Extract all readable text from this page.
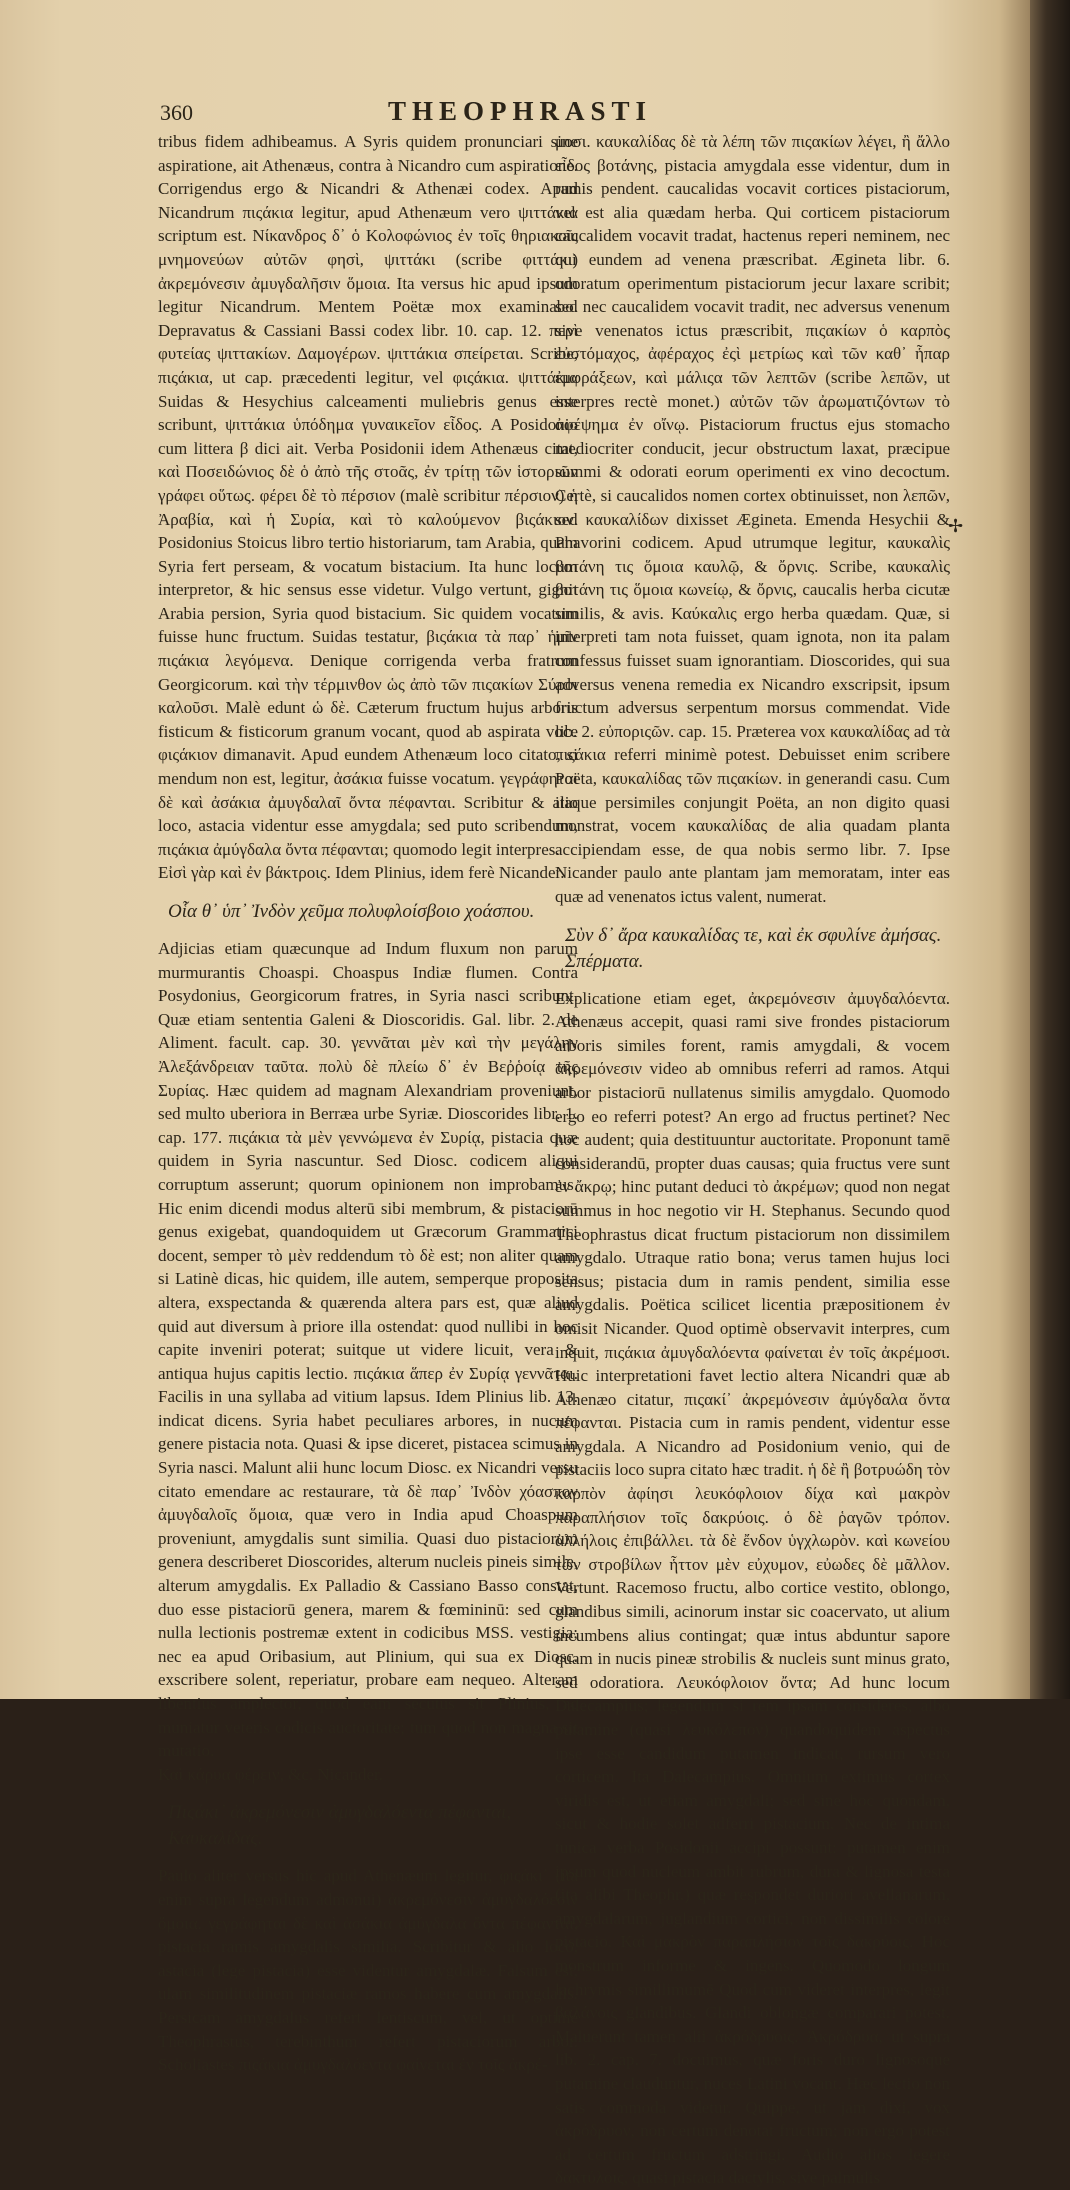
360	THEOPHRASTI

tribus fidem adhibeamus. A Syris quidem pronunciari sine aspiratione, ait Athenæus, contra à Nicandro cum aspiratione. Corrigendus ergo & Nicandri & Athenæi codex. Apud Nicandrum πιςάκια legitur, apud Athenæum vero ψιττάκια scriptum est. Νίκανδρος δ᾽ ὁ Κολοφώνιος ἐν τοῖς θηριακοῖς μνημονεύων αὐτῶν φησὶ, ψιττάκι (scribe φιττάκι) ἀκρεμόνεσιν ἀμυγδαλῆσιν ὅμοια. Ita versus hic apud ipsum legitur Nicandrum. Mentem Poëtæ mox examinabo. Depravatus & Cassiani Bassi codex libr. 10. cap. 12. περὶ φυτείας ψιττακίων. Δαμογέρων. ψιττάκια σπείρεται. Scribe, πιςάκια, ut cap. præcedenti legitur, vel φιςάκια. ψιττάκια Suidas & Hesychius calceamenti muliebris genus esse scribunt, ψιττάκια ὑπόδημα γυναικεῖον εἶδος. A Posidonio cum littera β dici ait. Verba Posidonii idem Athenæus citat, καὶ Ποσειδώνιος δὲ ὁ ἀπὸ τῆς στοᾶς, ἐν τρίτῃ τῶν ἱστοριῶν γράφει οὕτως. φέρει δὲ τὸ πέρσιον (malè scribitur πέρσιον) ἡ Ἀραβία, καὶ ἡ Συρία, καὶ τὸ καλούμενον βιςάκιον. Posidonius Stoicus libro tertio historiarum, tam Arabia, quam Syria fert perseam, & vocatum bistacium. Ita hunc locum interpretor, & hic sensus esse videtur. Vulgo vertunt, gignit Arabia persion, Syria quod bistacium. Sic quidem vocatum fuisse hunc fructum. Suidas testatur, βιςάκια τὰ παρ᾽ ἡμῖν πιςάκια λεγόμενα. Denique corrigenda verba fratrum Georgicorum. καὶ τὴν τέρμινθον ὡς ἀπὸ τῶν πιςακίων Σύροι καλοῦσι. Malè edunt ὡ δὲ. Cæterum fructum hujus arboris fisticum & fisticorum granum vocant, quod ab aspirata voce φιςάκιον dimanavit. Apud eundem Athenæum loco citato, si mendum non est, legitur, ἀσάκια fuisse vocatum. γεγράφηται δὲ καὶ ἀσάκια ἀμυγδαλαῖ ὄντα πέφανται. Scribitur & alio loco, astacia videntur esse amygdala; sed puto scribendum, πιςάκια ἀμύγδαλα ὄντα πέφανται; quomodo legit interpres.

Εἰσὶ γὰρ καὶ ἐν βάκτροις. Idem Plinius, idem ferè Nicander.

Οἷα θ᾽ ὑπ᾽ Ἰνδὸν χεῦμα πολυφλοίσβοιο χοάσπου.

Adjicias etiam quæcunque ad Indum fluxum non parum murmurantis Choaspi. Choaspus Indiæ flumen. Contra Posydonius, Georgicorum fratres, in Syria nasci scribunt. Quæ etiam sententia Galeni & Dioscoridis. Gal. libr. 2. de Aliment. facult. cap. 30. γεννᾶται μὲν καὶ τὴν μεγάλην Ἀλεξάνδρειαν ταῦτα. πολὺ δὲ πλείω δ᾽ ἐν Βεῤῥοίᾳ τῆς Συρίας. Hæc quidem ad magnam Alexandriam proveniunt, sed multo uberiora in Berræa urbe Syriæ. Dioscorides libr. 1. cap. 177. πιςάκια τὰ μὲν γεννώμενα ἐν Συρίᾳ, pistacia quæ quidem in Syria nascuntur. Sed Diosc. codicem aliqui corruptum asserunt; quorum opinionem non improbamus. Hic enim dicendi modus alterū sibi membrum, & pistaciorū genus exigebat, quandoquidem ut Græcorum Grammatici docent, semper τὸ μὲν reddendum τὸ δὲ est; non aliter quam si Latinè dicas, hic quidem, ille autem, semperque proposita altera, exspectanda & quærenda altera pars est, quæ aliud quid aut diversum à priore illa ostendat: quod nullibi in hoc capite inveniri poterat; suitque ut videre licuit, vera & antiqua hujus capitis lectio. πιςάκια ἅπερ ἐν Συρίᾳ γεννᾶται. Facilis in una syllaba ad vitium lapsus. Idem Plinius lib. 13. indicat dicens. Syria habet peculiares arbores, in nucum genere pistacia nota. Quasi & ipse diceret, pistacea scimus in Syria nasci. Malunt alii hunc locum Diosc. ex Nicandri versu citato emendare ac restaurare, τὰ δὲ παρ᾽ Ἰνδὸν χόασπον ἀμυγδαλοῖς ὅμοια, quæ vero in India apud Choaspum proveniunt, amygdalis sunt similia. Quasi duo pistaciorum genera describeret Dioscorides, alterum nucleis pineis simile, alterum amygdalis. Ex Palladio & Cassiano Basso constat, duo esse pistaciorū genera, marem & fœmininū: sed cum nulla lectionis postremæ extent in codicibus MSS. vestigia; nec ea apud Oribasium, aut Plinium, qui sua ex Diosc. exscribere solent, reperiatur, probare eam nequeo. Alteram libentius amplector, quod eam secutus sit Plinius, ac muniatur veteris codicis auctoritate; tum quod non magna sit mutatio.

Καὶ κάρυα φέρειν, &c. Nicander.

Πιςάκι᾽ ἀκρεμόνεσιν ἀμυγδαλόεντα πέφανται, Καυκαλίδας.

Paulo aliter versus hic apud Athenæum legitur, φιςάκι᾽ (ita enim supra legendum admonui) ἀκρεμόνεσιν ἀμυγδαλόεσιν ὅμοια. γεγράφηται δὲ καὶ ἀσάκια ἀμύγδαλα ὄντα πέφανται, pistacia ramis amygdalis similia. Scribitur & alio loco, astacia (lege pistacia) esse videntur amygdalæ. Falsum est, ulam similitudinem pistaciæ ramos habere cum amygdalis. Persicam amygdalus refert lentiscum, vel, ut optime Theophrastus, terebinthum refert pistaciorum arbor. Scholiastes πιςάκια ἀμυγδαλόεντα φαίνεται ἐν τοῖς ἀκρέ-

μοσι. καυκαλίδας δὲ τὰ λέπη τῶν πιςακίων λέγει, ἢ ἄλλο εἶδος βοτάνης, pistacia amygdala esse videntur, dum in ramis pendent. caucalidas vocavit cortices pistaciorum, vel est alia quædam herba. Qui corticem pistaciorum caucalidem vocavit tradat, hactenus reperi neminem, nec qui eundem ad venena præscribat. Ægineta libr. 6. odoratum operimentum pistaciorum jecur laxare scribit; sed nec caucalidem vocavit tradit, nec adversus venenum sive venenatos ictus præscribit, πιςακίων ὁ καρπὸς εὐστόμαχος, ἀφέραχος ἐςὶ μετρίως καὶ τῶν καθ᾽ ἧπαρ ἐμφράξεων, καὶ μάλιςα τῶν λεπτῶν (scribe λεπῶν, ut interpres rectè monet.) αὐτῶν τῶν ἀρωματιζόντων τὸ ἀφέψημα ἐν οἴνῳ. Pistaciorum fructus ejus stomacho mediocriter conducit, jecur obstructum laxat, præcipue summi & odorati eorum operimenti ex vino decoctum. Certè, si caucalidos nomen cortex obtinuisset, non λεπῶν, sed καυκαλίδων dixisset Ægineta. Emenda Hesychii & Phavorini codicem. Apud utrumque legitur, καυκαλὶς βοτάνη τις ὅμοια καυλῷ, & ὄρνις. Scribe, καυκαλὶς βοτάνη τις ὅμοια κωνείῳ, & ὄρνις, caucalis herba cicutæ similis, & avis. Καύκαλις ergo herba quædam. Quæ, si interpreti tam nota fuisset, quam ignota, non ita palam confessus fuisset suam ignorantiam. Dioscorides, qui sua adversus venena remedia ex Nicandro exscripsit, ipsum fructum adversus serpentum morsus commendat. Vide lib. 2. εὐποριςῶν. cap. 15. Præterea vox καυκαλίδας ad τὰ πιςάκια referri minimè potest. Debuisset enim scribere Poëta, καυκαλίδας τῶν πιςακίων. in generandi casu. Cum itaque persimiles conjungit Poëta, an non digito quasi monstrat, vocem καυκαλίδας de alia quadam planta accipiendam esse, de qua nobis sermo libr. 7. Ipse Nicander paulo ante plantam jam memoratam, inter eas quæ ad venenatos ictus valent, numerat.

Σὺν δ᾽ ἄρα καυκαλίδας τε, καὶ ἐκ σφυλίνε ἀμήσας. Σπέρματα.

Explicatione etiam eget, ἀκρεμόνεσιν ἀμυγδαλόεντα. Athenæus accepit, quasi rami sive frondes pistaciorum arboris similes forent, ramis amygdali, & vocem ἀκρεμόνεσιν video ab omnibus referri ad ramos. Atqui arbor pistaciorū nullatenus similis amygdalo. Quomodo ergo eo referri potest? An ergo ad fructus pertinet? Nec hoc audent; quia destituuntur auctoritate. Proponunt tamē considerandū, propter duas causas; quia fructus vere sunt ἐν ἄκρῳ; hinc putant deduci τὸ ἀκρέμων; quod non negat summus in hoc negotio vir H. Stephanus. Secundo quod Theophrastus dicat fructum pistaciorum non dissimilem amygdalo. Utraque ratio bona; verus tamen hujus loci sensus; pistacia dum in ramis pendent, similia esse amygdalis. Poëtica scilicet licentia præpositionem ἐν omisit Nicander. Quod optimè observavit interpres, cum inquit, πιςάκια ἀμυγδαλόεντα φαίνεται ἐν τοῖς ἀκρέμοσι. Huic interpretationi favet lectio altera Nicandri quæ ab Athenæo citatur, πιςακί᾽ ἀκρεμόνεσιν ἀμύγδαλα ὄντα πέφανται. Pistacia cum in ramis pendent, videntur esse amygdala. A Nicandro ad Posidonium venio, qui de pistaciis loco supra citato hæc tradit. ἡ δὲ ἢ βοτρυώδη τὸν καρπὸν ἀφίησι λευκόφλοιον δίχα καὶ μακρὸν παραπλήσιον τοῖς δακρύοις. ὁ δὲ ῥαγῶν τρόπον. ἀλλήλοις ἐπιβάλλει. τὰ δὲ ἔνδον ὑγχλωρὸν. καὶ κωνείου τῶν στροβίλων ἧττον μὲν εὐχυμον, εὐωδες δὲ μᾶλλον. Vertunt. Racemoso fructu, albo cortice vestito, oblongo, glandibus simili, acinorum instar sic coacervato, ut alium incumbens alius contingat; quæ intus abduntur sapore quam in nucis pineæ strobilis & nucleis sunt minus grato, sed odoratiora. Λευκόφλοιον ὄντα; Ad hunc locum Dalecampius; legendum si rem ipsam consideres, albo putamine (quasi λευκόλεπον) quandoquidem aspectus ipse esse candidum putamen indicat, rursum vero corticem. Ita Dalecampius. Omnium extimus cortex viridis est, ut etiam amygdali; sed sine hoc quondam, sicut & hodie solet adferri pistacium. Nec de intima tunica verba Posidonii accipi possunt: putamen enim ipsum quod nucleum ambit rubrum, dura & lignosa testa (ita alibi Theophr.) quæ respondet duriori avellanarum, amygdalarum, juglandium cortici, non dissimilis colore pistacio. Καὶ μακρὸν παραπλήσιον τοῖς δακρύοις. Hoc monstrum informe & ingens. Quomodo longum lachrymis simillimumē Quod cum videret interpres, legit βαλάνοις glandibus. Glandi oblongæ comparari potest. Maluerunt tamen alii ἀκρόδρυοις. Ἀκρόδρυα, ut supra lib. 2. cap. 7. docuimus, quæ foris duro lignosoque putamine clauduntur, nuces Latini vocant. Hæc lectio non satis commoda videtur. Quippe, ut jam dixi, vox ἀκρόδρυον, non certum denotat fructum; non ergo potest ad certum fructum adstringi. Audio alios legere δακτύλοις, quasi pistacia dactylis, sive palmulis

✢
